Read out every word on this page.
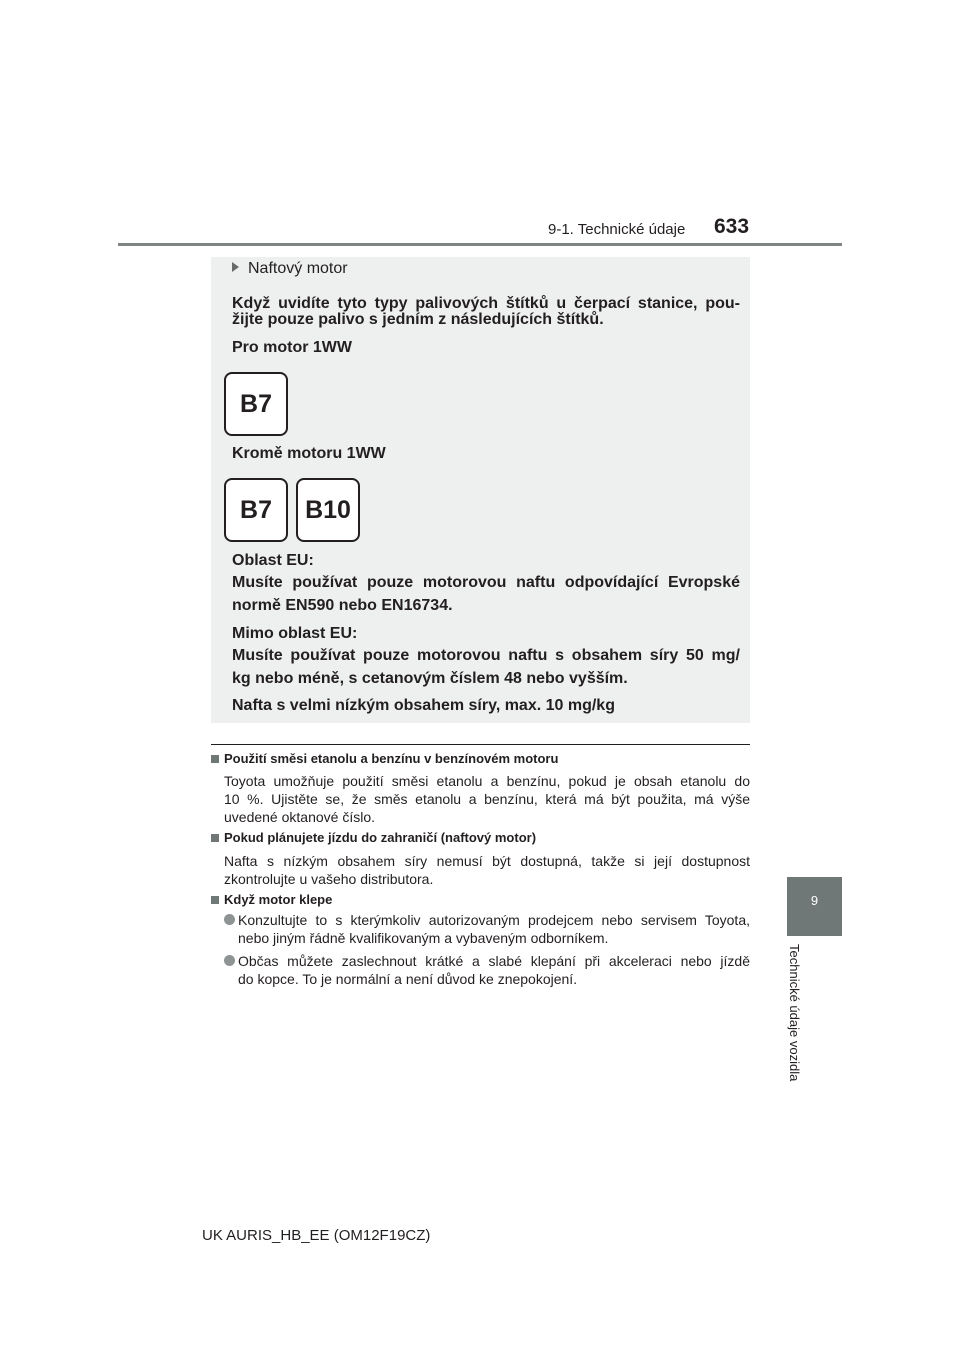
9-1. Technické údaje 633
9
Technické údaje vozidla
Naftový motor

Když uvidíte tyto typy palivových štítků u čerpací stanice, pou-

žijte pouze palivo s jedním z následujících štítků.

Pro motor 1WW

B7

Kromě motoru 1WW

B7	B10

Oblast EU:

Musíte používat pouze motorovou naftu odpovídající Evropské

normě EN590 nebo EN16734.

Mimo oblast EU:

Musíte používat pouze motorovou naftu s obsahem síry 50 mg/

kg nebo méně, s cetanovým číslem 48 nebo vyšším.

Nafta s velmi nízkým obsahem síry, max. 10 mg/kg

Použití směsi etanolu a benzínu v benzínovém motoru

Toyota umožňuje použití směsi etanolu a benzínu, pokud je obsah etanolu do

10 %. Ujistěte se, že směs etanolu a benzínu, která má být použita, má výše

uvedené oktanové číslo.

Pokud plánujete jízdu do zahraničí (naftový motor)

Nafta s nízkým obsahem síry nemusí být dostupná, takže si její dostupnost

zkontrolujte u vašeho distributora.

Když motor klepe

Konzultujte to s kterýmkoliv autorizovaným prodejcem nebo servisem Toyota,

nebo jiným řádně kvalifikovaným a vybaveným odborníkem.

Občas můžete zaslechnout krátké a slabé klepání při akceleraci nebo jízdě

do kopce. To je normální a není důvod ke znepokojení.

UK AURIS_HB_EE (OM12F19CZ)
